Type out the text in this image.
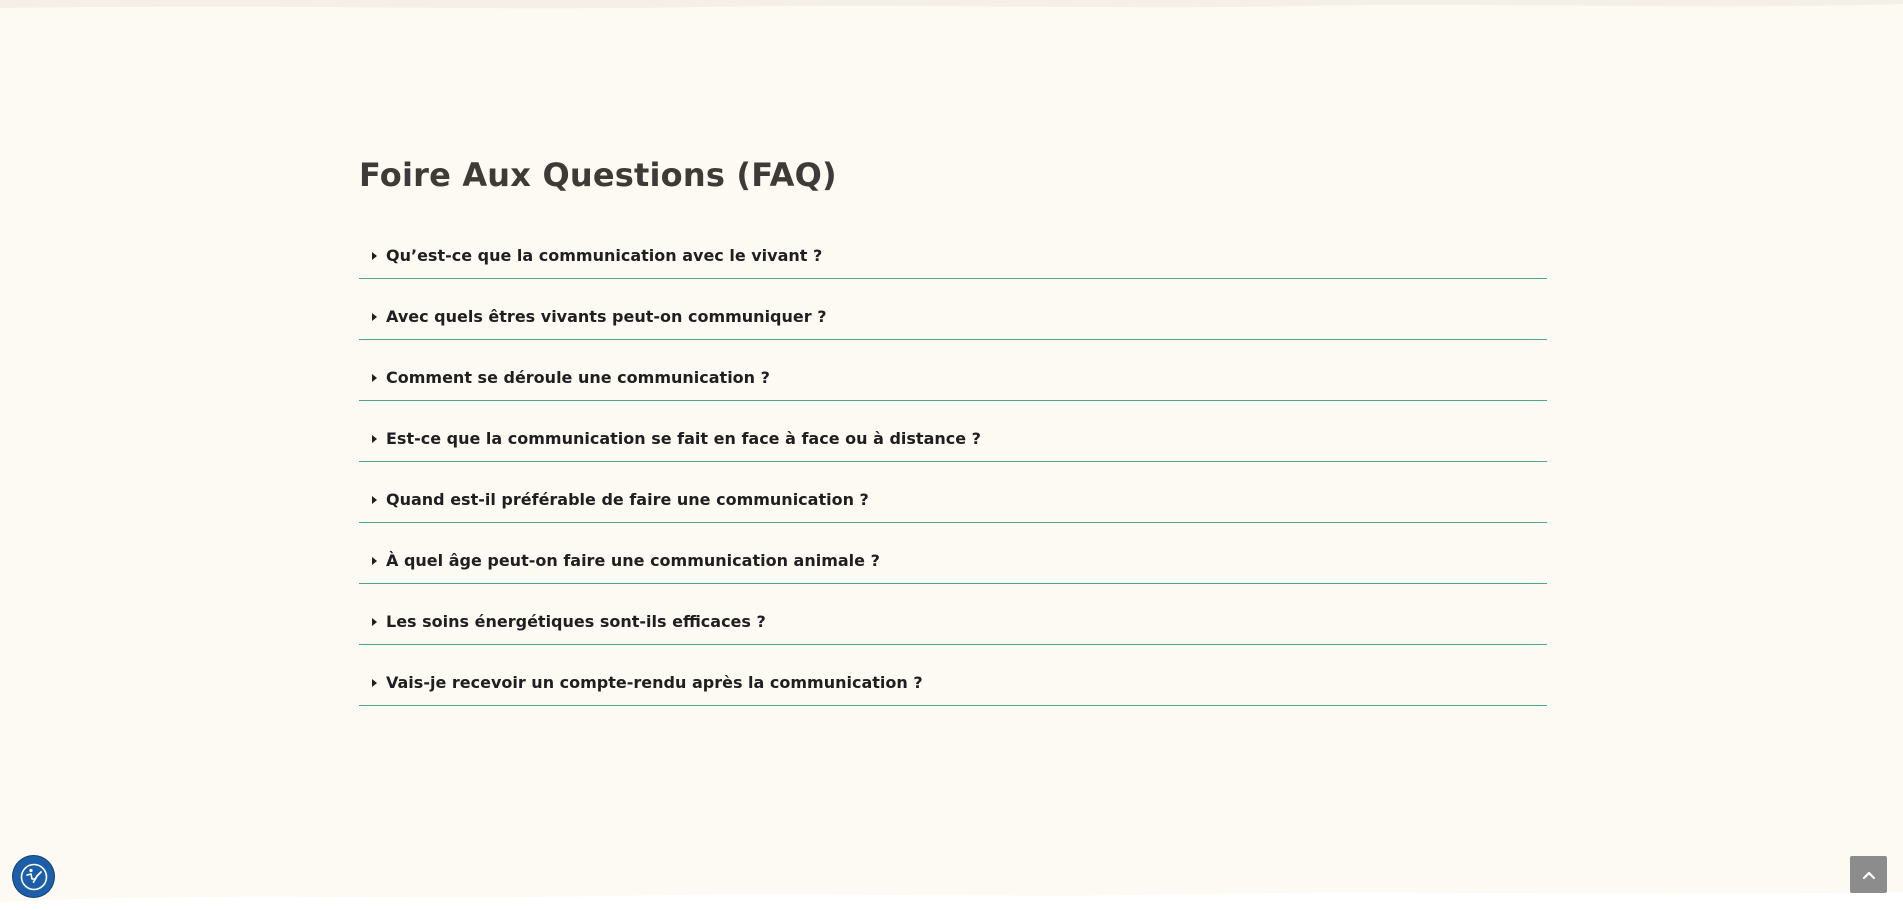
Foire Aux Questions (FAQ)
Qu’est-ce que la communication avec le vivant ?
Avec quels êtres vivants peut-on communiquer ?
Comment se déroule une communication ?
Est-ce que la communication se fait en face à face ou à distance ?
Quand est-il préférable de faire une communication ?
À quel âge peut-on faire une communication animale ?
Les soins énergétiques sont-ils efficaces ?
Vais-je recevoir un compte-rendu après la communication ?
